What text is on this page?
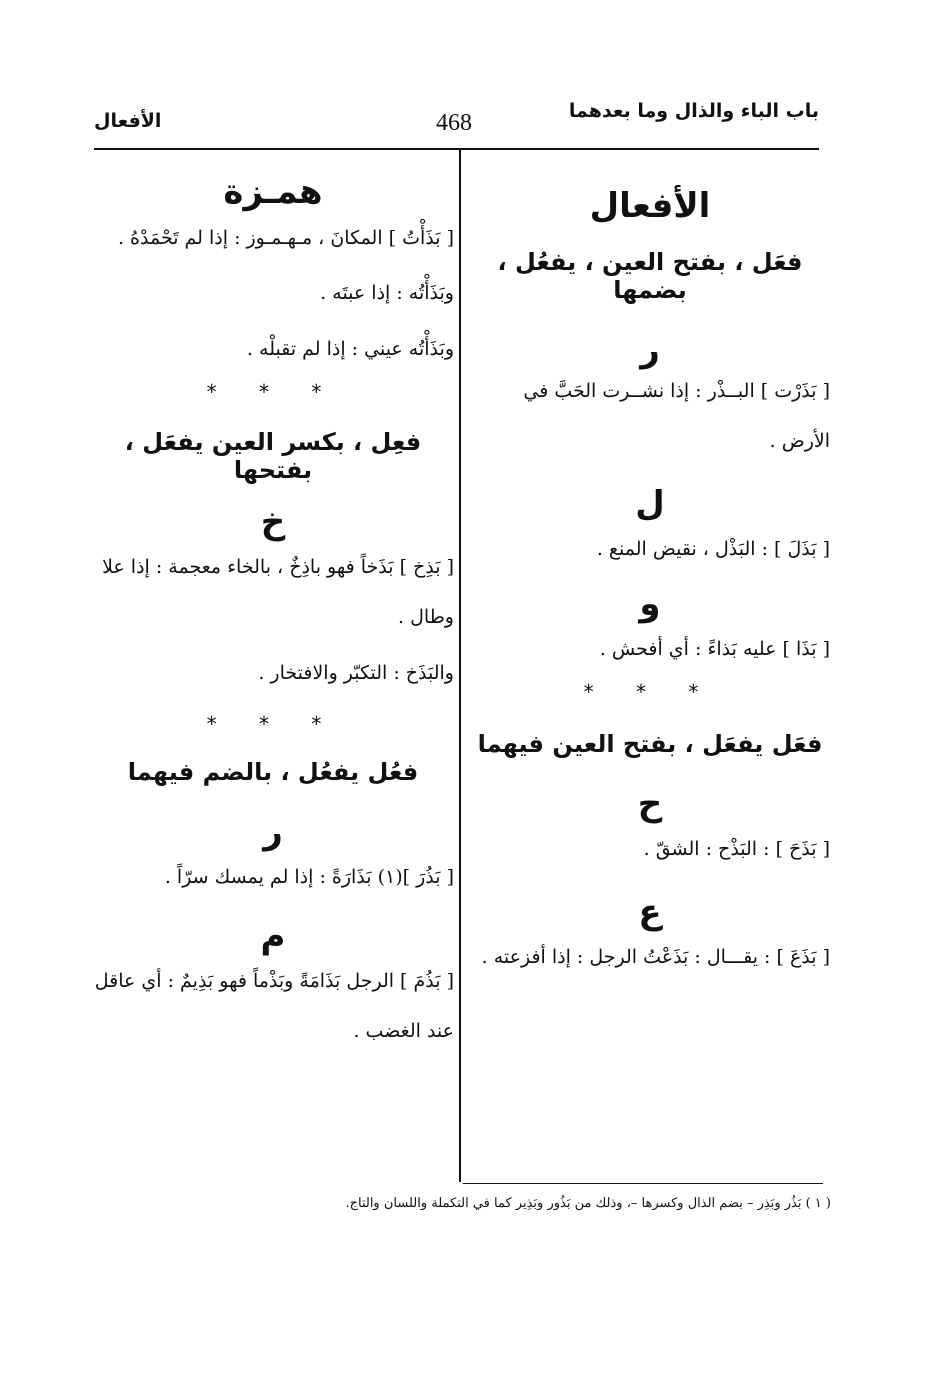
باب الباء والذال وما بعدهما
468
الأفعال
الأفعال
فعَل ، بفتح العين ، يفعُل ، بضمها
ر
[ بَذَرْت ] البــذْر : إذا نشــرت الحَبَّ في الأرض .
ل
[ بَذَلَ ] : البَذْل ، نقيض المنع .
و
[ بَذَا ] عليه بَذاءً : أي أفحش .
* * *
فعَل يفعَل ، بفتح العين فيهما
ح
[ بَذَحَ ] : البَذْح : الشقّ .
ع
[ بَذَعَ ] : يقـــال : بَذَعْتُ الرجل : إذا أفزعته .
همـزة
[ بَذَأْتُ ] المكانَ ، مـهـمـوز : إذا لم تَحْمَدْهُ .
وبَذَأْتُه : إذا عبتَه .
وبَذَأْتُه عيني : إذا لم تقبلْه .
* * *
فعِل ، بكسر العين يفعَل ، بفتحها
خ
[ بَذِخ ] بَذَخاً فهو باذِخٌ ، بالخاء معجمة : إذا علا وطال .
والبَذَخ : التكبّر والافتخار .
* * *
فعُل يفعُل ، بالضم فيهما
ر
[ بَذُرَ ](١) بَذَارَةً : إذا لم يمسك سرّاً .
م
[ بَذُمَ ] الرجل بَذَامَةً وبَذْماً فهو بَذِيمٌ : أي عاقل عند الغضب .
( ١ ) بَذُر وبَذِر – بضم الذال وكسرها –، وذلك من بَذُور وبَذِير كما في التكملة واللسان والتاج.
